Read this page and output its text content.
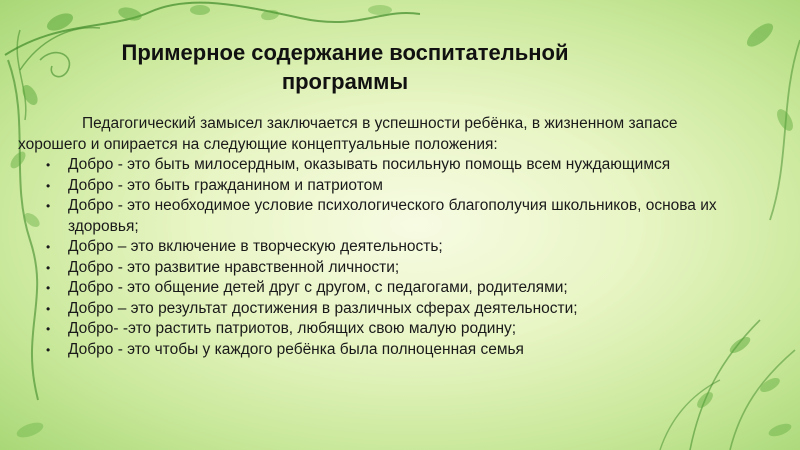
Примерное содержание воспитательной программы
Педагогический замысел заключается в успешности ребёнка, в жизненном запасе хорошего и опирается на следующие концептуальные положения:
• Добро - это быть милосердным, оказывать посильную помощь всем нуждающимся
• Добро - это быть гражданином и патриотом
• Добро - это необходимое условие психологического благополучия школьников, основа их здоровья;
• Добро – это включение в творческую деятельность;
• Добро - это развитие нравственной личности;
• Добро - это общение детей друг с другом, с педагогами, родителями;
• Добро – это результат достижения в различных сферах деятельности;
• Добро- -это растить патриотов, любящих свою малую родину;
• Добро - это чтобы у каждого ребёнка была полноценная семья
